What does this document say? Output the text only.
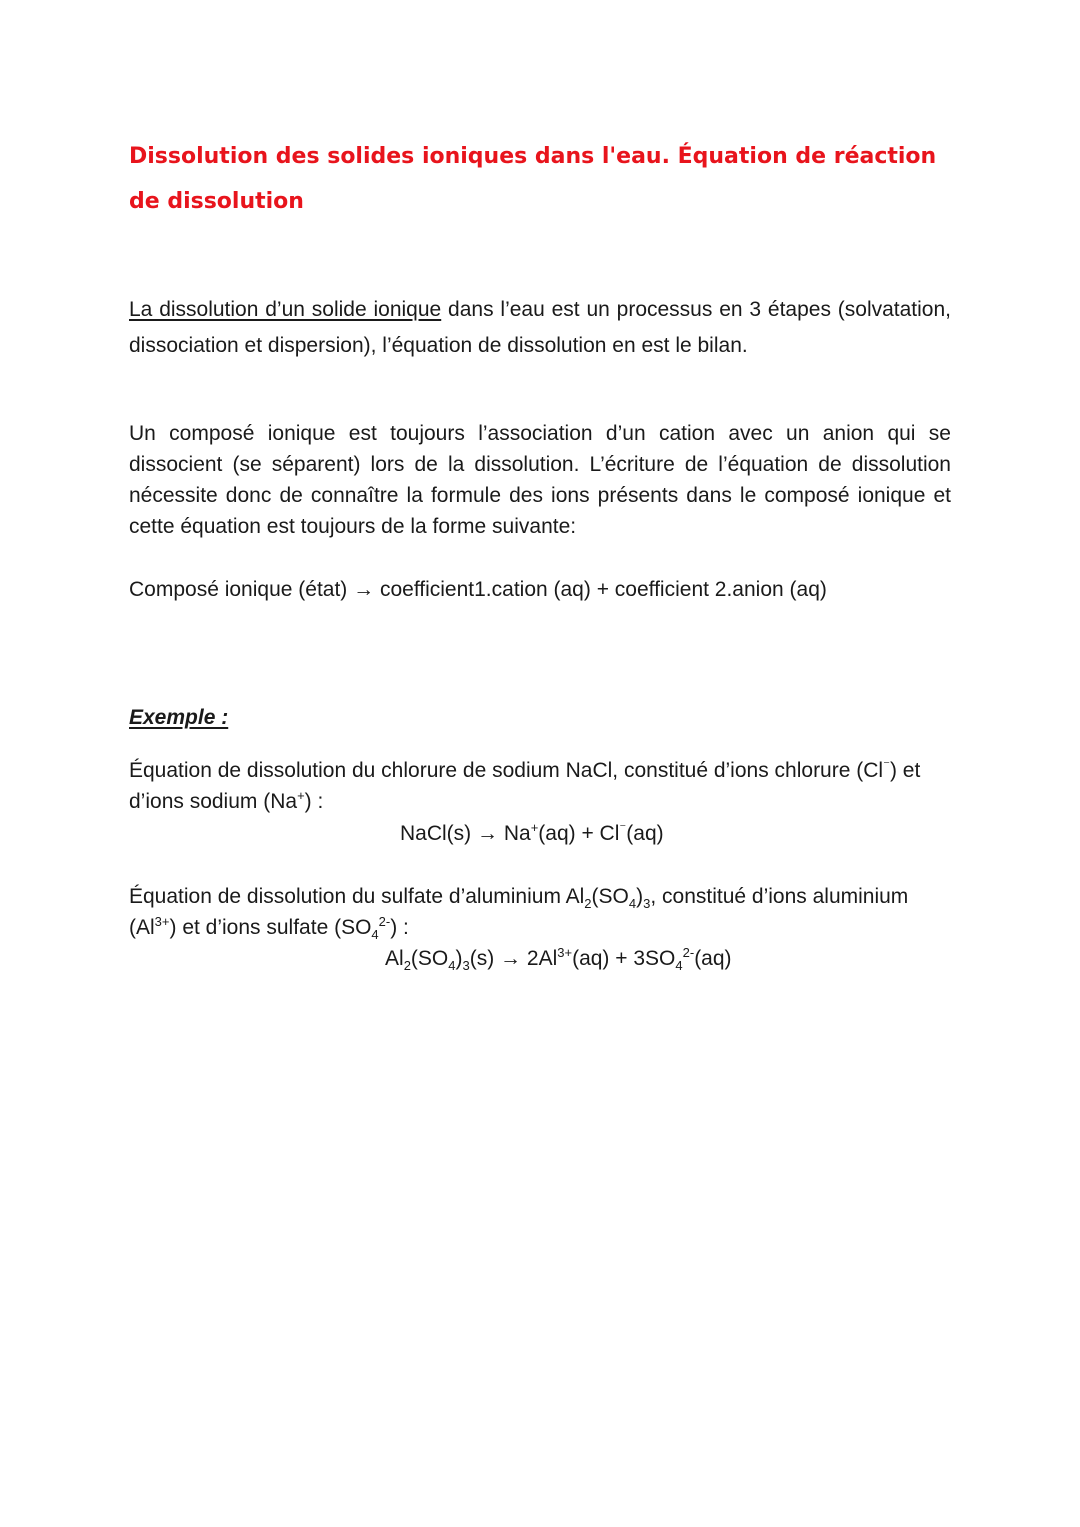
Dissolution des solides ioniques dans l'eau. Équation de réaction de dissolution

La dissolution d’un solide ionique dans l’eau est un processus en 3 étapes (solvatation, dissociation et dispersion), l’équation de dissolution en est le bilan.

Un composé ionique est toujours l’association d’un cation avec un anion qui se dissocient (se séparent) lors de la dissolution. L’écriture de l’équation de dissolution nécessite donc de connaître la formule des ions présents dans le composé ionique et cette équation est toujours de la forme suivante:

Composé ionique (état) → coefficient1.cation (aq) + coefficient 2.anion (aq)

Exemple :

Équation de dissolution du chlorure de sodium NaCl, constitué d’ions chlorure (Cl⁻) et d’ions sodium (Na+) :

NaCl(s) → Na+(aq) + Cl⁻(aq)

Équation de dissolution du sulfate d’aluminium $Al_2(SO_4)_3$, constitué d’ions aluminium $(Al^{3+})$ et d’ions sulfate $(SO_4^{2-})$ :

$Al_2(SO_4)_3(s) \to 2Al^{3+}(aq) + 3SO_4^{2-}(aq)$
